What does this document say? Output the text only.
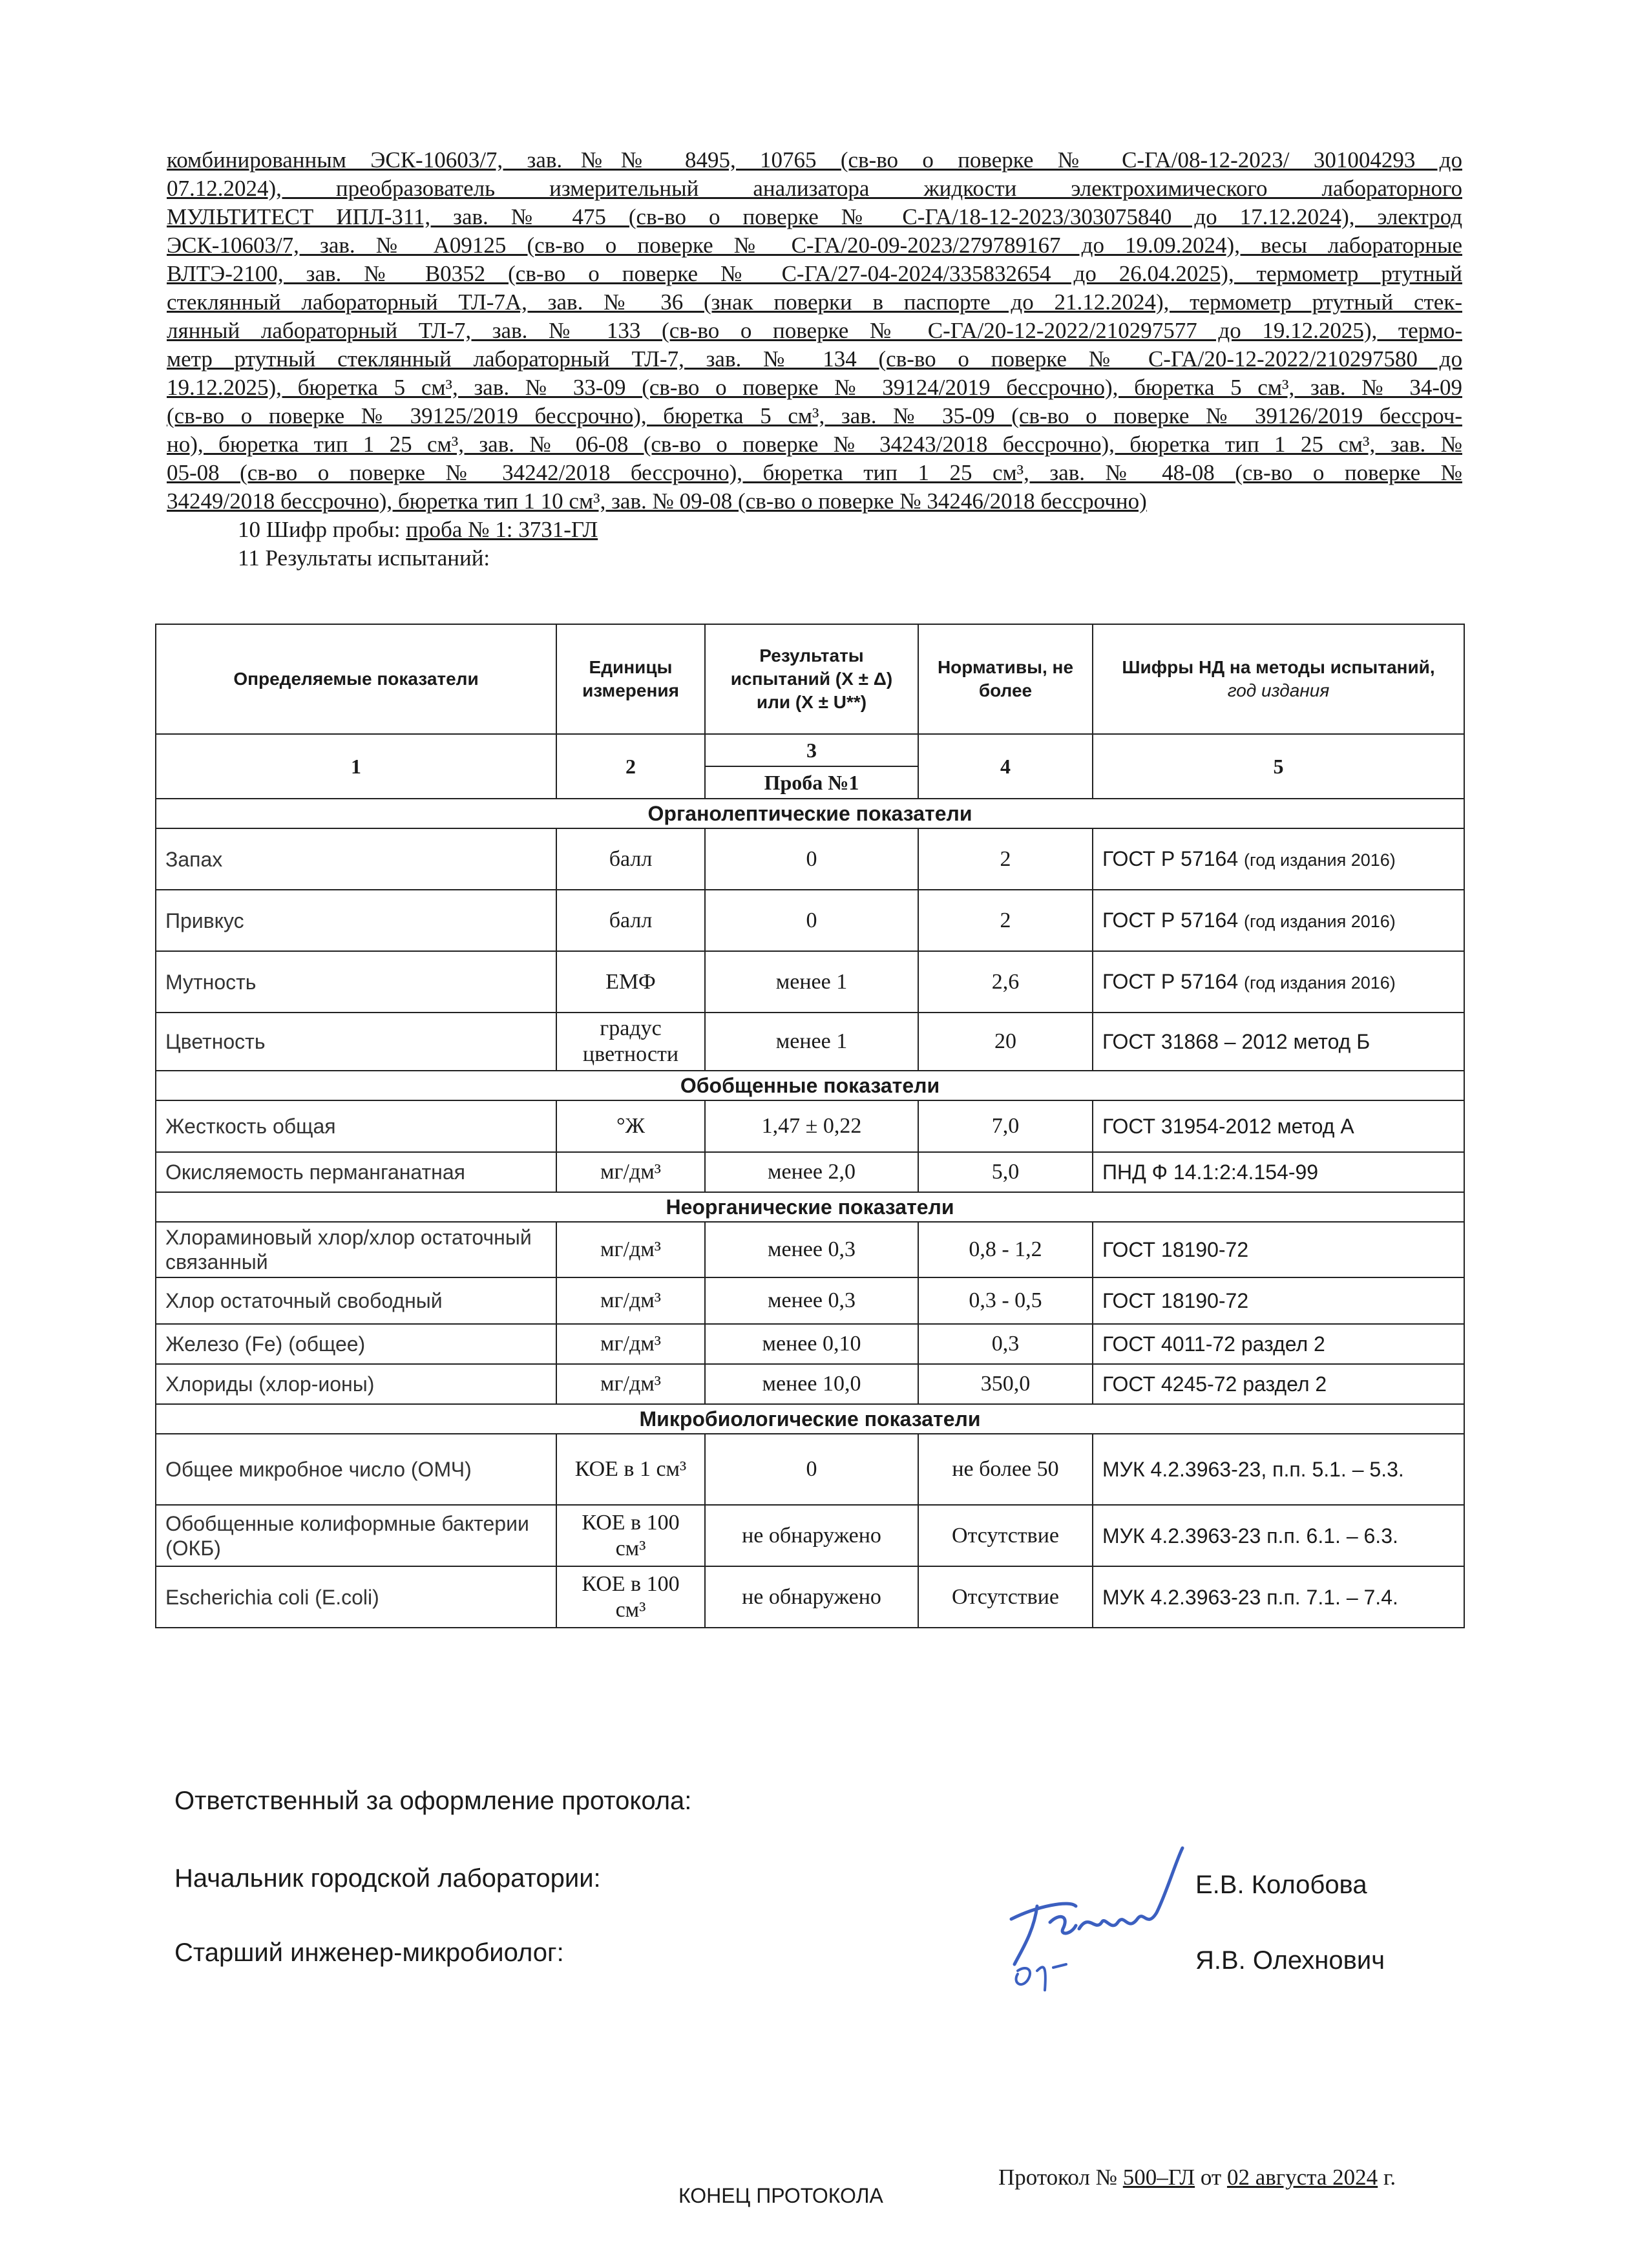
комбинированным ЭСК-10603/7, зав.№№ 8495, 10765 (св-во о поверке № С-ГА/08-12-2023/ 301004293 до
07.12.2024), преобразователь измерительный анализатора жидкости электрохимического лабораторного
МУЛЬТИТЕСТ ИПЛ-311, зав. № 475 (св-во о поверке № С-ГА/18-12-2023/303075840 до 17.12.2024), электрод
ЭСК-10603/7, зав. № А09125 (св-во о поверке № С-ГА/20-09-2023/279789167 до 19.09.2024), весы лабораторные
ВЛТЭ-2100, зав. № В0352 (св-во о поверке № С-ГА/27-04-2024/335832654 до 26.04.2025), термометр ртутный
стеклянный лабораторный ТЛ-7А, зав. № 36 (знак поверки в паспорте до 21.12.2024), термометр ртутный стек-
лянный лабораторный ТЛ-7, зав. № 133 (св-во о поверке № С-ГА/20-12-2022/210297577 до 19.12.2025), термо-
метр ртутный стеклянный лабораторный ТЛ-7, зав. № 134 (св-во о поверке № С-ГА/20-12-2022/210297580 до
19.12.2025), бюретка 5 см³, зав. № 33-09 (св-во о поверке № 39124/2019 бессрочно), бюретка 5 см³, зав. № 34-09
(св-во о поверке № 39125/2019 бессрочно), бюретка 5 см³, зав. № 35-09 (св-во о поверке № 39126/2019 бессроч-
но), бюретка тип 1 25 см³, зав. № 06-08 (св-во о поверке № 34243/2018 бессрочно), бюретка тип 1 25 см³, зав. №
05-08 (св-во о поверке № 34242/2018 бессрочно), бюретка тип 1 25 см³, зав. № 48-08 (св-во о поверке №
34249/2018 бессрочно), бюретка тип 1 10 см³, зав. № 09-08 (св-во о поверке № 34246/2018 бессрочно)
10 Шифр пробы: проба № 1: 3731-ГЛ
11 Результаты испытаний:
Определяемые показатели	Единицы измерения	Результаты испытаний (Х ± Δ) или (Х ± U**)	Нормативы, не более	Шифры НД на методы испытаний,
год издания
1	2	3	4	5
		Проба №1		
Органолептические показатели				
Запах	балл	0	2	ГОСТ Р 57164 (год издания 2016)
Привкус	балл	0	2	ГОСТ Р 57164 (год издания 2016)
Мутность	ЕМФ	менее 1	2,6	ГОСТ Р 57164 (год издания 2016)
Цветность	градус цветности	менее 1	20	ГОСТ 31868 – 2012 метод Б
Обобщенные показатели				
Жесткость общая	°Ж	1,47 ± 0,22	7,0	ГОСТ 31954-2012 метод А
Окисляемость перманганатная	мг/дм³	менее 2,0	5,0	ПНД Ф 14.1:2:4.154-99
Неорганические показатели				
Хлораминовый хлор/хлор остаточный связанный	мг/дм³	менее 0,3	0,8 - 1,2	ГОСТ 18190-72
Хлор остаточный свободный	мг/дм³	менее 0,3	0,3 - 0,5	ГОСТ 18190-72
Железо (Fe) (общее)	мг/дм³	менее 0,10	0,3	ГОСТ 4011-72 раздел 2
Хлориды (хлор-ионы)	мг/дм³	менее 10,0	350,0	ГОСТ 4245-72 раздел 2
Микробиологические показатели				
Общее микробное число (ОМЧ)	КОЕ в 1 см³	0	не более 50	МУК 4.2.3963-23, п.п. 5.1. – 5.3.
Обобщенные колиформные бактерии (ОКБ)	КОЕ в 100 см³	не обнаружено	Отсутствие	МУК 4.2.3963-23 п.п. 6.1. – 6.3.
Escherichia coli (E.coli)	КОЕ в 100 см³	не обнаружено	Отсутствие	МУК 4.2.3963-23 п.п. 7.1. – 7.4.
Ответственный за оформление протокола:
Начальник городской лаборатории:	Е.В. Колобова
Старший инженер-микробиолог:	Я.В. Олехнович
КОНЕЦ ПРОТОКОЛА
Протокол № 500–ГЛ от 02 августа 2024 г.
